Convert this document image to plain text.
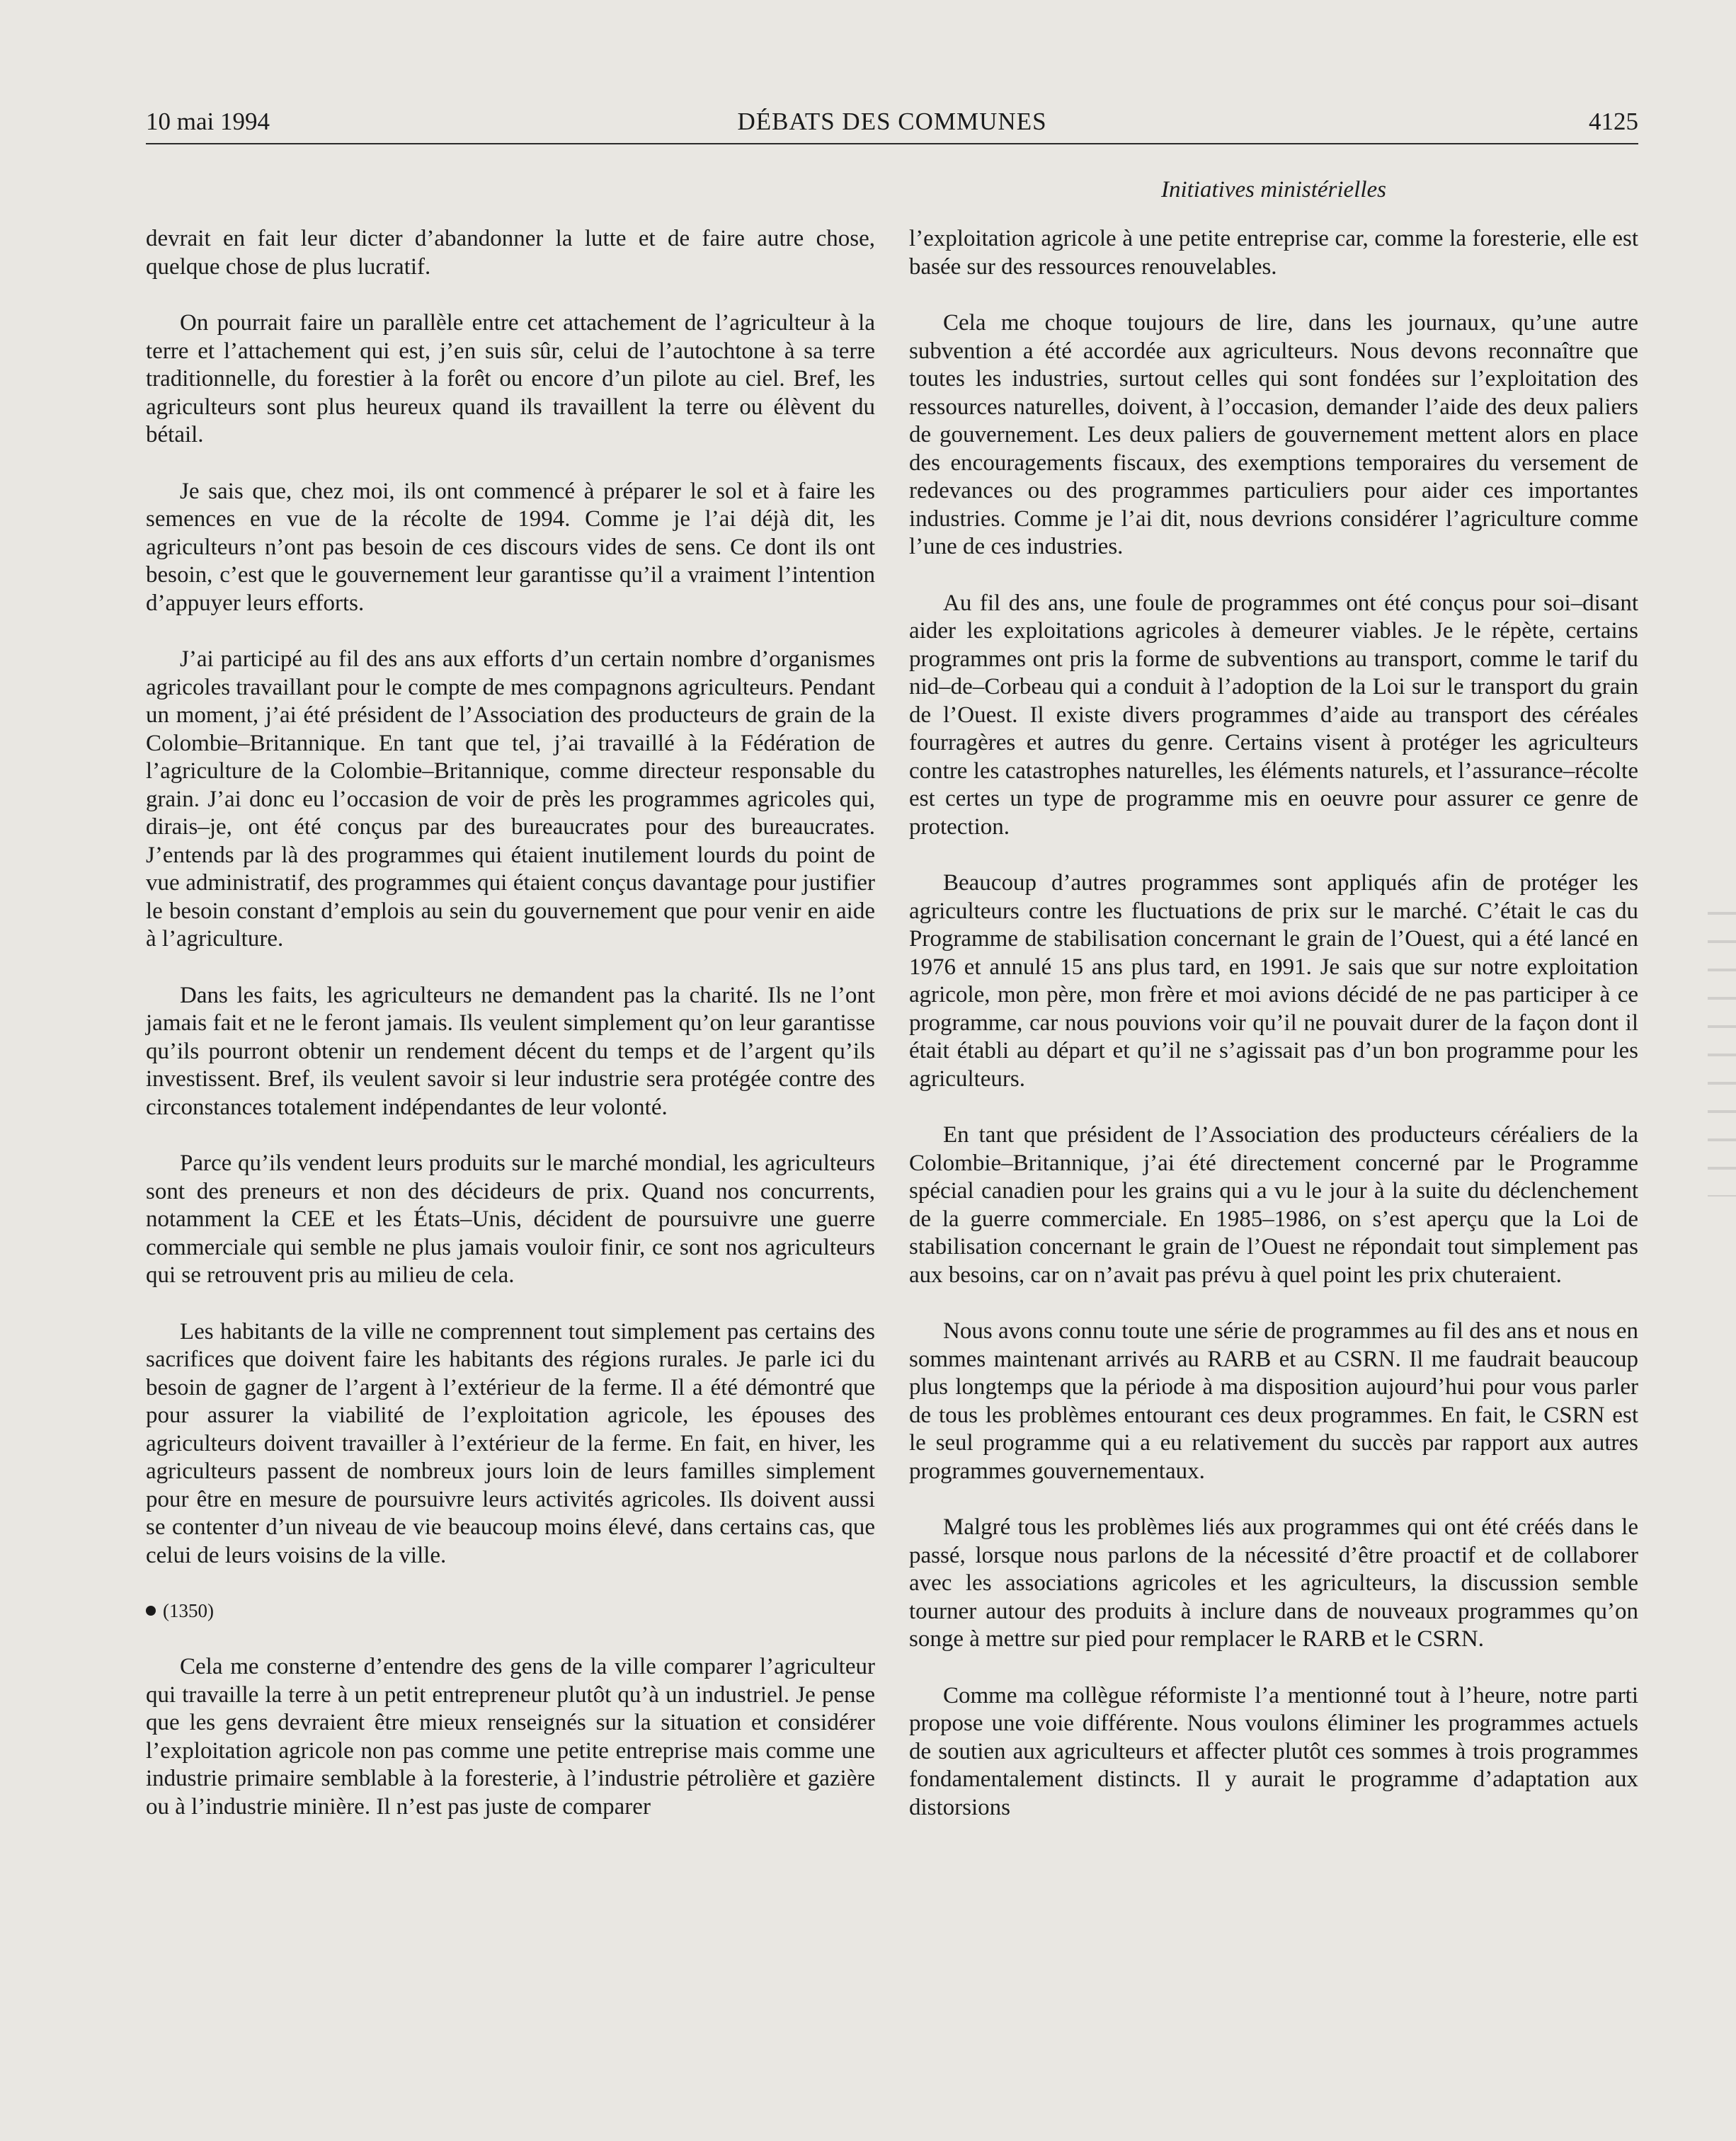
10 mai 1994	DÉBATS DES COMMUNES	4125
Initiatives ministérielles

devrait en fait leur dicter d’abandonner la lutte et de faire autre chose, quelque chose de plus lucratif.

On pourrait faire un parallèle entre cet attachement de l’agriculteur à la terre et l’attachement qui est, j’en suis sûr, celui de l’autochtone à sa terre traditionnelle, du forestier à la forêt ou encore d’un pilote au ciel. Bref, les agriculteurs sont plus heureux quand ils travaillent la terre ou élèvent du bétail.

Je sais que, chez moi, ils ont commencé à préparer le sol et à faire les semences en vue de la récolte de 1994. Comme je l’ai déjà dit, les agriculteurs n’ont pas besoin de ces discours vides de sens. Ce dont ils ont besoin, c’est que le gouvernement leur garantisse qu’il a vraiment l’intention d’appuyer leurs efforts.

J’ai participé au fil des ans aux efforts d’un certain nombre d’organismes agricoles travaillant pour le compte de mes compagnons agriculteurs. Pendant un moment, j’ai été président de l’Association des producteurs de grain de la Colombie–Britannique. En tant que tel, j’ai travaillé à la Fédération de l’agriculture de la Colombie–Britannique, comme directeur responsable du grain. J’ai donc eu l’occasion de voir de près les programmes agricoles qui, dirais–je, ont été conçus par des bureaucrates pour des bureaucrates. J’entends par là des programmes qui étaient inutilement lourds du point de vue administratif, des programmes qui étaient conçus davantage pour justifier le besoin constant d’emplois au sein du gouvernement que pour venir en aide à l’agriculture.

Dans les faits, les agriculteurs ne demandent pas la charité. Ils ne l’ont jamais fait et ne le feront jamais. Ils veulent simplement qu’on leur garantisse qu’ils pourront obtenir un rendement décent du temps et de l’argent qu’ils investissent. Bref, ils veulent savoir si leur industrie sera protégée contre des circonstances totalement indépendantes de leur volonté.

Parce qu’ils vendent leurs produits sur le marché mondial, les agriculteurs sont des preneurs et non des décideurs de prix. Quand nos concurrents, notamment la CEE et les États–Unis, décident de poursuivre une guerre commerciale qui semble ne plus jamais vouloir finir, ce sont nos agriculteurs qui se retrouvent pris au milieu de cela.

Les habitants de la ville ne comprennent tout simplement pas certains des sacrifices que doivent faire les habitants des régions rurales. Je parle ici du besoin de gagner de l’argent à l’extérieur de la ferme. Il a été démontré que pour assurer la viabilité de l’exploitation agricole, les épouses des agriculteurs doivent travailler à l’extérieur de la ferme. En fait, en hiver, les agriculteurs passent de nombreux jours loin de leurs familles simplement pour être en mesure de poursuivre leurs activités agricoles. Ils doivent aussi se contenter d’un niveau de vie beaucoup moins élevé, dans certains cas, que celui de leurs voisins de la ville.

(1350)

Cela me consterne d’entendre des gens de la ville comparer l’agriculteur qui travaille la terre à un petit entrepreneur plutôt qu’à un industriel. Je pense que les gens devraient être mieux renseignés sur la situation et considérer l’exploitation agricole non pas comme une petite entreprise mais comme une industrie primaire semblable à la foresterie, à l’industrie pétrolière et gazière ou à l’industrie minière. Il n’est pas juste de comparer

l’exploitation agricole à une petite entreprise car, comme la foresterie, elle est basée sur des ressources renouvelables.

Cela me choque toujours de lire, dans les journaux, qu’une autre subvention a été accordée aux agriculteurs. Nous devons reconnaître que toutes les industries, surtout celles qui sont fondées sur l’exploitation des ressources naturelles, doivent, à l’occasion, demander l’aide des deux paliers de gouvernement. Les deux paliers de gouvernement mettent alors en place des encouragements fiscaux, des exemptions temporaires du versement de redevances ou des programmes particuliers pour aider ces importantes industries. Comme je l’ai dit, nous devrions considérer l’agriculture comme l’une de ces industries.

Au fil des ans, une foule de programmes ont été conçus pour soi–disant aider les exploitations agricoles à demeurer viables. Je le répète, certains programmes ont pris la forme de subventions au transport, comme le tarif du nid–de–Corbeau qui a conduit à l’adoption de la Loi sur le transport du grain de l’Ouest. Il existe divers programmes d’aide au transport des céréales fourragères et autres du genre. Certains visent à protéger les agriculteurs contre les catastrophes naturelles, les éléments naturels, et l’assurance–récolte est certes un type de programme mis en oeuvre pour assurer ce genre de protection.

Beaucoup d’autres programmes sont appliqués afin de protéger les agriculteurs contre les fluctuations de prix sur le marché. C’était le cas du Programme de stabilisation concernant le grain de l’Ouest, qui a été lancé en 1976 et annulé 15 ans plus tard, en 1991. Je sais que sur notre exploitation agricole, mon père, mon frère et moi avions décidé de ne pas participer à ce programme, car nous pouvions voir qu’il ne pouvait durer de la façon dont il était établi au départ et qu’il ne s’agissait pas d’un bon programme pour les agriculteurs.

En tant que président de l’Association des producteurs céréaliers de la Colombie–Britannique, j’ai été directement concerné par le Programme spécial canadien pour les grains qui a vu le jour à la suite du déclenchement de la guerre commerciale. En 1985–1986, on s’est aperçu que la Loi de stabilisation concernant le grain de l’Ouest ne répondait tout simplement pas aux besoins, car on n’avait pas prévu à quel point les prix chuteraient.

Nous avons connu toute une série de programmes au fil des ans et nous en sommes maintenant arrivés au RARB et au CSRN. Il me faudrait beaucoup plus longtemps que la période à ma disposition aujourd’hui pour vous parler de tous les problèmes entourant ces deux programmes. En fait, le CSRN est le seul programme qui a eu relativement du succès par rapport aux autres programmes gouvernementaux.

Malgré tous les problèmes liés aux programmes qui ont été créés dans le passé, lorsque nous parlons de la nécessité d’être proactif et de collaborer avec les associations agricoles et les agriculteurs, la discussion semble tourner autour des produits à inclure dans de nouveaux programmes qu’on songe à mettre sur pied pour remplacer le RARB et le CSRN.

Comme ma collègue réformiste l’a mentionné tout à l’heure, notre parti propose une voie différente. Nous voulons éliminer les programmes actuels de soutien aux agriculteurs et affecter plutôt ces sommes à trois programmes fondamentalement distincts. Il y aurait le programme d’adaptation aux distorsions
